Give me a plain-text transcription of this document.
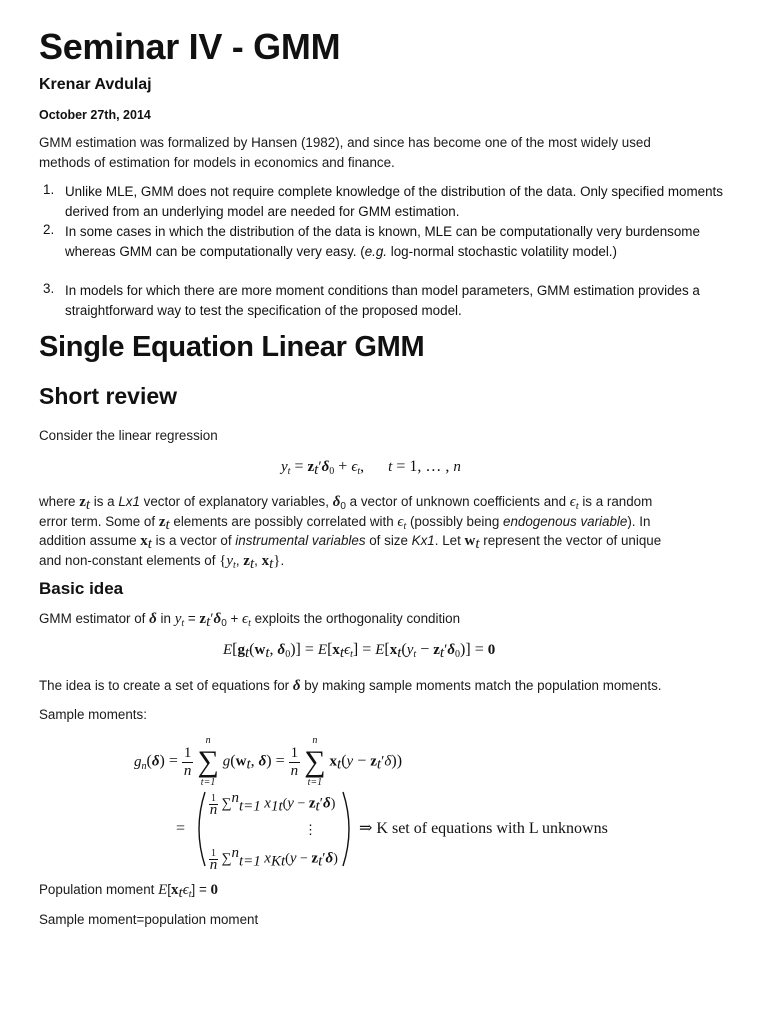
Seminar IV - GMM
Krenar Avdulaj
October 27th, 2014
GMM estimation was formalized by Hansen (1982), and since has become one of the most widely used
methods of estimation for models in economics and finance.
1. Unlike MLE, GMM does not require complete knowledge of the distribution of the data. Only specified moments derived from an underlying model are needed for GMM estimation.
2. In some cases in which the distribution of the data is known, MLE can be computationally very burdensome whereas GMM can be computationally very easy. (e.g. log-normal stochastic volatility model.)
3. In models for which there are more moment conditions than model parameters, GMM estimation provides a straightforward way to test the specification of the proposed model.
Single Equation Linear GMM
Short review
Consider the linear regression
$y_t = z_t'\delta_0 + \epsilon_t$,      t = 1, … , n
where $z_t$ is a Lx1 vector of explanatory variables, $\delta_0$ a vector of unknown coefficients and $\epsilon_t$ is a random
error term. Some of $z_t$ elements are possibly correlated with $\epsilon_t$ (possibly being endogenous variable). In
addition assume $x_t$ is a vector of instrumental variables of size Kx1. Let $w_t$ represent the vector of unique
and non-constant elements of {$y_t$, $z_t$, $x_t$}.
Basic idea
GMM estimator of δ in $y_t = z_t'\delta_0 + \epsilon_t$ exploits the orthogonality condition
$E[g_t(w_t$, $\delta_0)] = E[x_t\epsilon_t] = E[x_t(y_t - z_t'\delta_0)] = 0$
The idea is to create a set of equations for δ by making sample moments match the population moments.
Sample moments:
$g_n(\delta) = \frac{1}{n}$

n
∑
t=1
$g(w_t$, $\delta) = \frac{1}{n}$

n
∑
t=1
$x_t(y - z_t'\delta)$)
=
$\frac{1}{n} \sum^n_{t=1}$ $x_{1t}(y - z_t'\delta)$
⋮
$\frac{1}{n} \sum^n_{t=1}$ $x_{Kt}(y - z_t'\delta)$
⇒ K set of equations with L unknowns
Population moment $E[x_t\epsilon_t] = 0$
Sample moment=population moment
